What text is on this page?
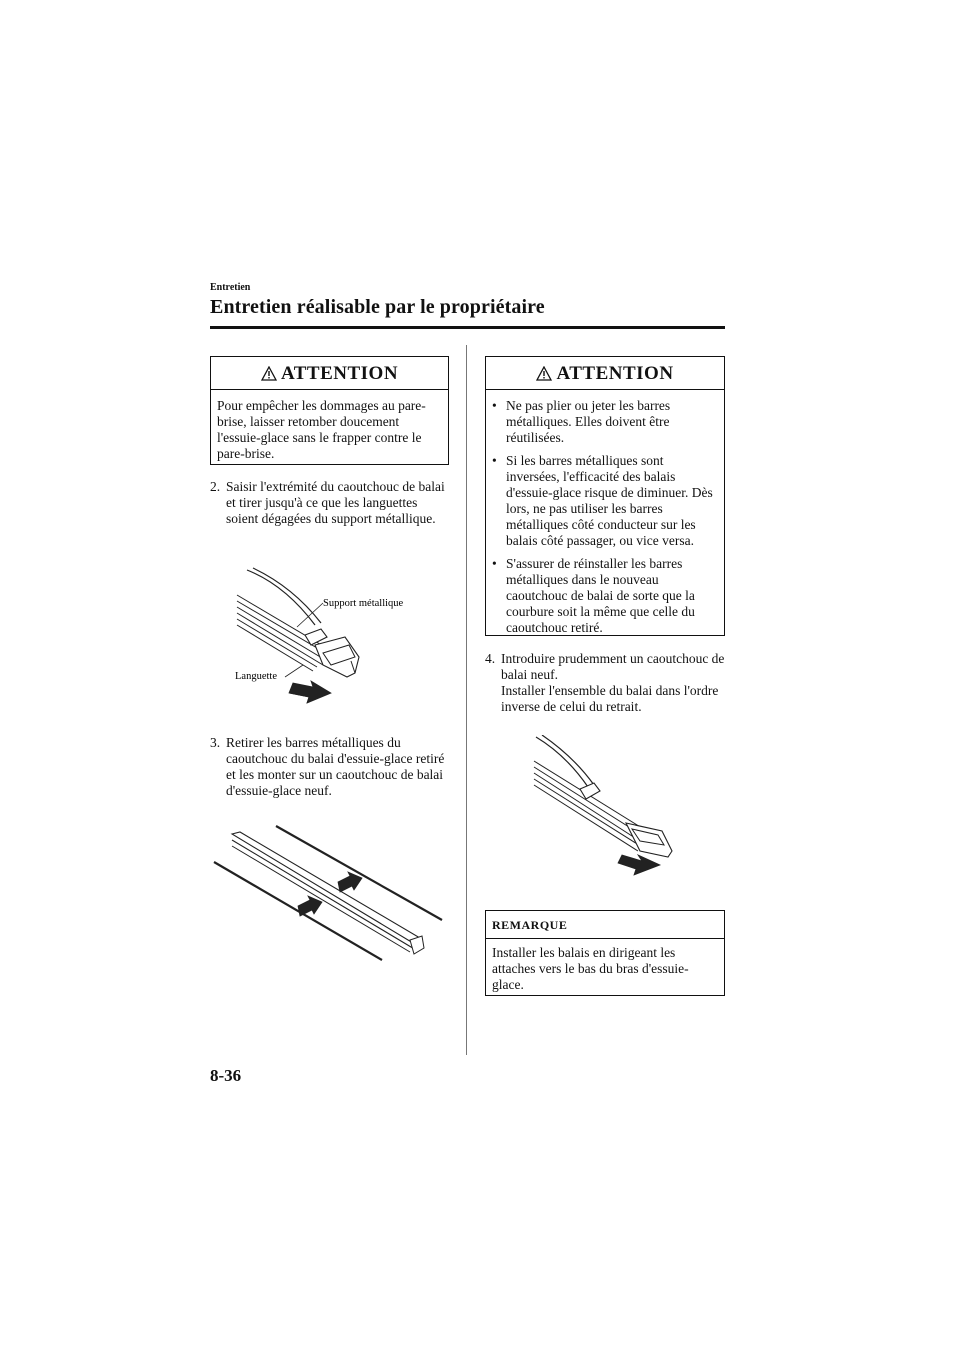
Entretien
Entretien réalisable par le propriétaire
ATTENTION
Pour empêcher les dommages au pare-brise, laisser retomber doucement l'essuie-glace sans le frapper contre le pare-brise.
2. Saisir l'extrémité du caoutchouc de balai et tirer jusqu'à ce que les languettes soient dégagées du support métallique.
Support métallique
Languette
3. Retirer les barres métalliques du caoutchouc du balai d'essuie-glace retiré et les monter sur un caoutchouc de balai d'essuie-glace neuf.
ATTENTION
• Ne pas plier ou jeter les barres métalliques. Elles doivent être réutilisées.
• Si les barres métalliques sont inversées, l'efficacité des balais d'essuie-glace risque de diminuer. Dès lors, ne pas utiliser les barres métalliques côté conducteur sur les balais côté passager, ou vice versa.
• S'assurer de réinstaller les barres métalliques dans le nouveau caoutchouc de balai de sorte que la courbure soit la même que celle du caoutchouc retiré.
4. Introduire prudemment un caoutchouc de balai neuf.
Installer l'ensemble du balai dans l'ordre inverse de celui du retrait.
REMARQUE
Installer les balais en dirigeant les attaches vers le bas du bras d'essuie-glace.
8-36
